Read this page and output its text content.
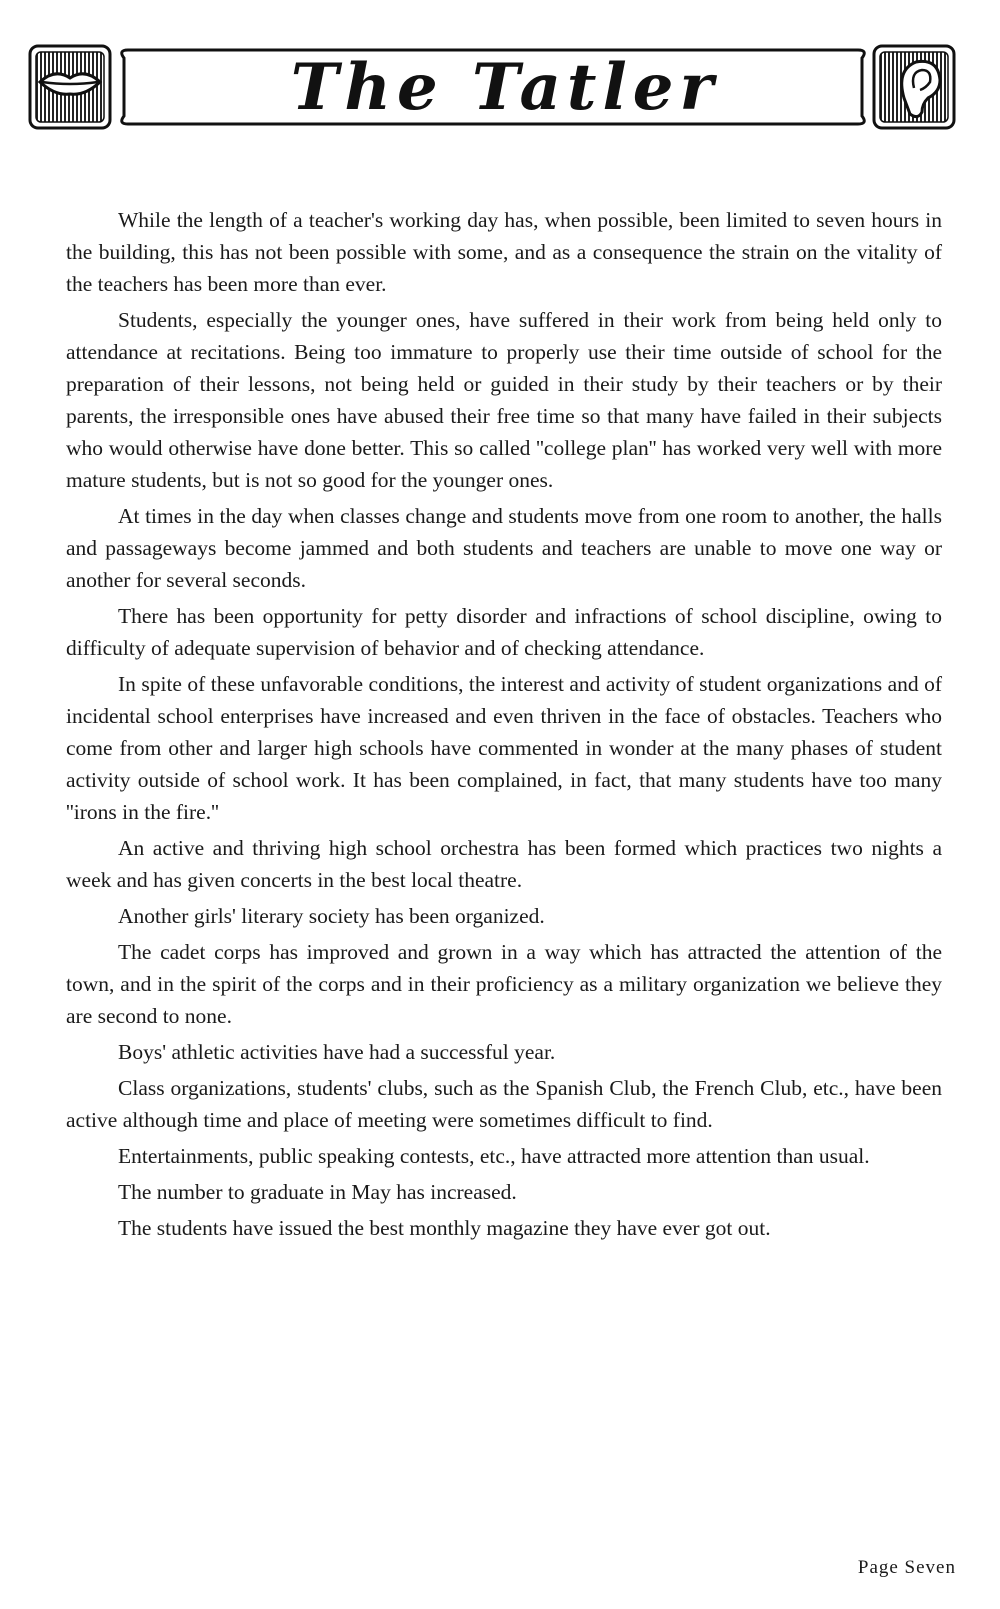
The Tatler

While the length of a teacher's working day has, when possible, been limited to seven hours in the building, this has not been possible with some, and as a consequence the strain on the vitality of the teachers has been more than ever.

Students, especially the younger ones, have suffered in their work from being held only to attendance at recitations. Being too immature to properly use their time outside of school for the preparation of their lessons, not being held or guided in their study by their teachers or by their parents, the irresponsible ones have abused their free time so that many have failed in their subjects who would otherwise have done better. This so called ''college plan'' has worked very well with more mature students, but is not so good for the younger ones.

At times in the day when classes change and students move from one room to another, the halls and passageways become jammed and both students and teachers are unable to move one way or another for several seconds.

There has been opportunity for petty disorder and infractions of school discipline, owing to difficulty of adequate supervision of behavior and of checking attendance.

In spite of these unfavorable conditions, the interest and activity of student organizations and of incidental school enterprises have increased and even thriven in the face of obstacles. Teachers who come from other and larger high schools have commented in wonder at the many phases of student activity outside of school work. It has been complained, in fact, that many students have too many ''irons in the fire.''

An active and thriving high school orchestra has been formed which practices two nights a week and has given concerts in the best local theatre.

Another girls' literary society has been organized.

The cadet corps has improved and grown in a way which has attracted the attention of the town, and in the spirit of the corps and in their proficiency as a military organization we believe they are second to none.

Boys' athletic activities have had a successful year.

Class organizations, students' clubs, such as the Spanish Club, the French Club, etc., have been active although time and place of meeting were sometimes difficult to find.

Entertainments, public speaking contests, etc., have attracted more attention than usual.

The number to graduate in May has increased.

The students have issued the best monthly magazine they have ever got out.

Page Seven
